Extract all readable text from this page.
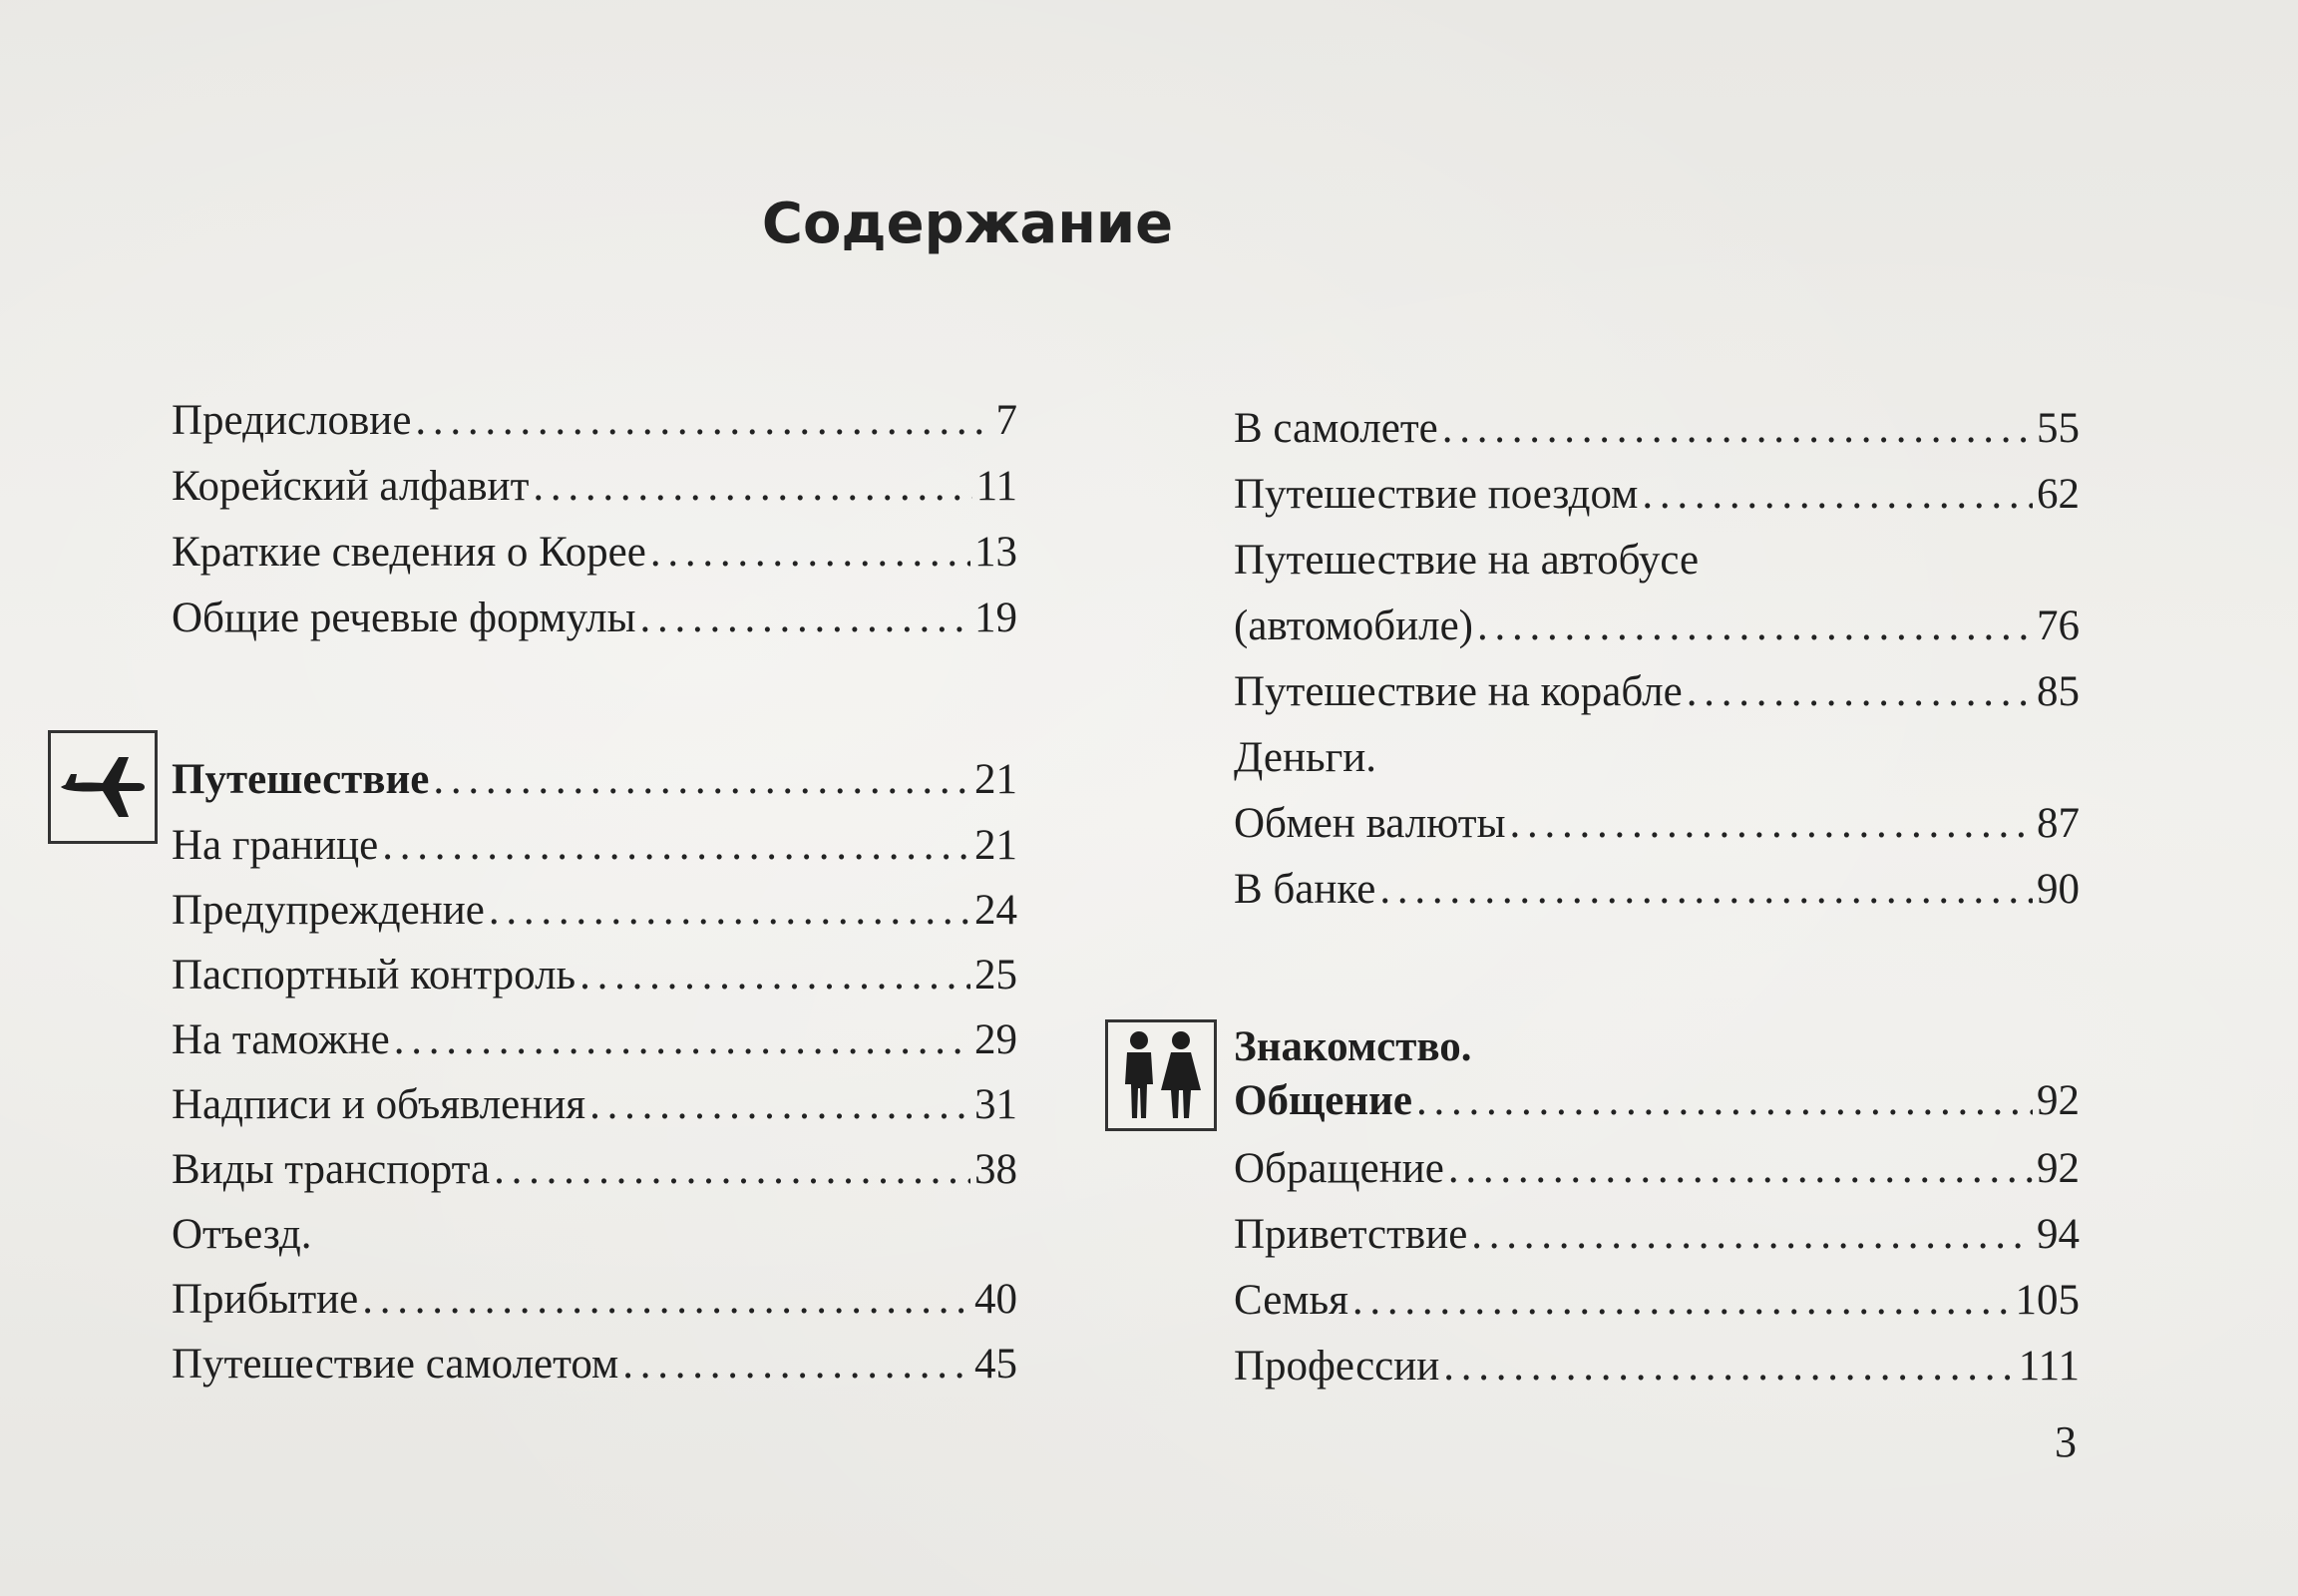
Содержание
Предисловие . . .	7
Корейский алфавит . . .	11
Краткие сведения о Корее . . .	13
Общие речевые формулы . . .	19
Путешествие . . .	21
На границе . . .	21
Предупреждение . . .	24
Паспортный контроль . . .	25
На таможне . . .	29
Надписи и объявления . . .	31
Виды транспорта . . .	38
Отъезд.
Прибытие . . .	40
Путешествие самолетом . . .	45
В самолете . . .	55
Путешествие поездом . . .	62
Путешествие на автобусе
(автомобиле) . . .	76
Путешествие на корабле . . .	85
Деньги.
Обмен валюты . . .	87
В банке . . .	90
Знакомство.
Общение . . .	92
Обращение . . .	92
Приветствие . . .	94
Семья . . .	105
Профессии . . .	111
3
